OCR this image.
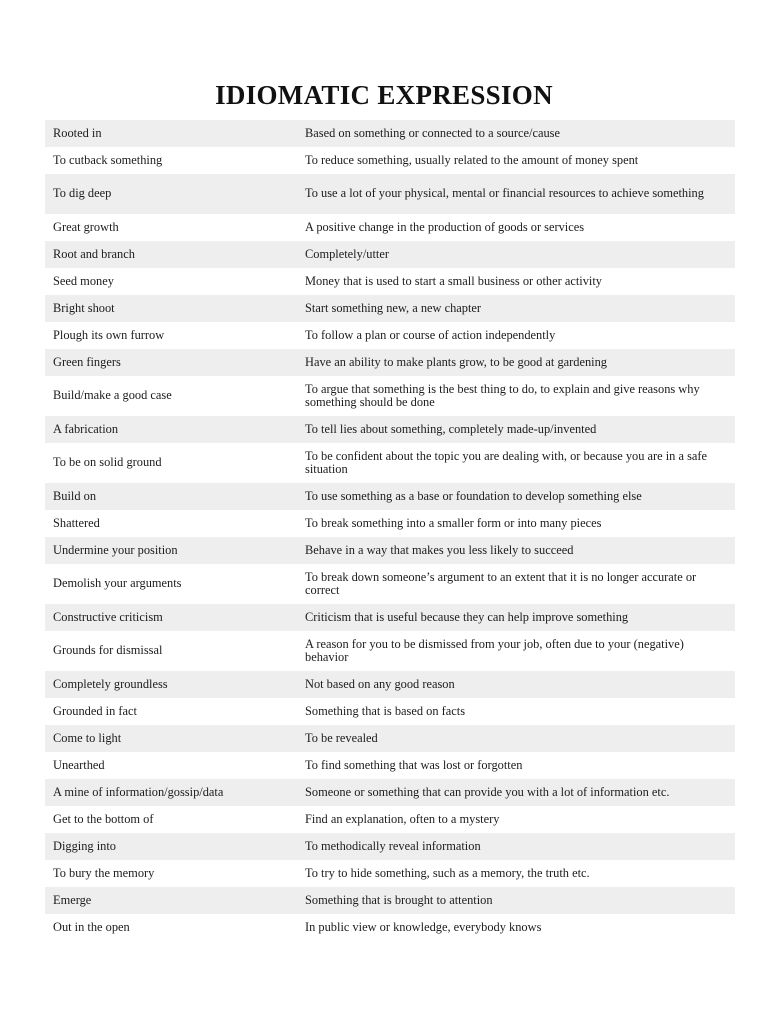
IDIOMATIC EXPRESSION
Rooted in	Based on something or connected to a source/cause
To cutback something	To reduce something, usually related to the amount of money spent
To dig deep	To use a lot of your physical, mental or financial resources to achieve something
Great growth	A positive change in the production of goods or services
Root and branch	Completely/utter
Seed money	Money that is used to start a small business or other activity
Bright shoot	Start something new, a new chapter
Plough its own furrow	To follow a plan or course of action independently
Green fingers	Have an ability to make plants grow, to be good at gardening
Build/make a good case	To argue that something is the best thing to do, to explain and give reasons why something should be done
A fabrication	To tell lies about something, completely made-up/invented
To be on solid ground	To be confident about the topic you are dealing with, or because you are in a safe situation
Build on	To use something as a base or foundation to develop something else
Shattered	To break something into a smaller form or into many pieces
Undermine your position	Behave in a way that makes you less likely to succeed
Demolish your arguments	To break down someone’s argument to an extent that it is no longer accurate or correct
Constructive criticism	Criticism that is useful because they can help improve something
Grounds for dismissal	A reason for you to be dismissed from your job, often due to your (negative) behavior
Completely groundless	Not based on any good reason
Grounded in fact	Something that is based on facts
Come to light	To be revealed
Unearthed	To find something that was lost or forgotten
A mine of information/gossip/data	Someone or something that can provide you with a lot of information etc.
Get to the bottom of	Find an explanation, often to a mystery
Digging into	To methodically reveal information
To bury the memory	To try to hide something, such as a memory, the truth etc.
Emerge	Something that is brought to attention
Out in the open	In public view or knowledge, everybody knows
